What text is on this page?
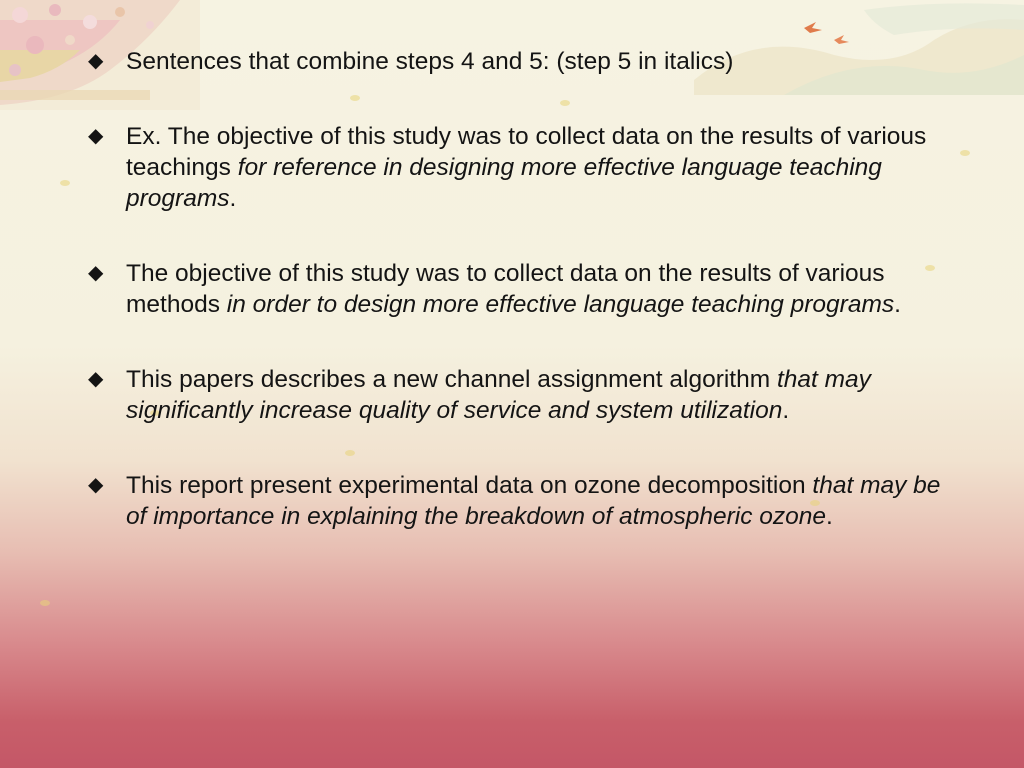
◆ Sentences that combine steps 4 and 5: (step 5 in italics)
◆ Ex. The objective of this study was to collect data on the results of various teachings for reference in designing more effective language teaching programs.
◆ The objective of this study was to collect data on the results of various methods in order to design more effective language teaching programs.
◆ This papers describes a new channel assignment algorithm that may significantly increase quality of service and system utilization.
◆ This report present experimental data on ozone decomposition that may be of importance in explaining the breakdown of atmospheric ozone.
